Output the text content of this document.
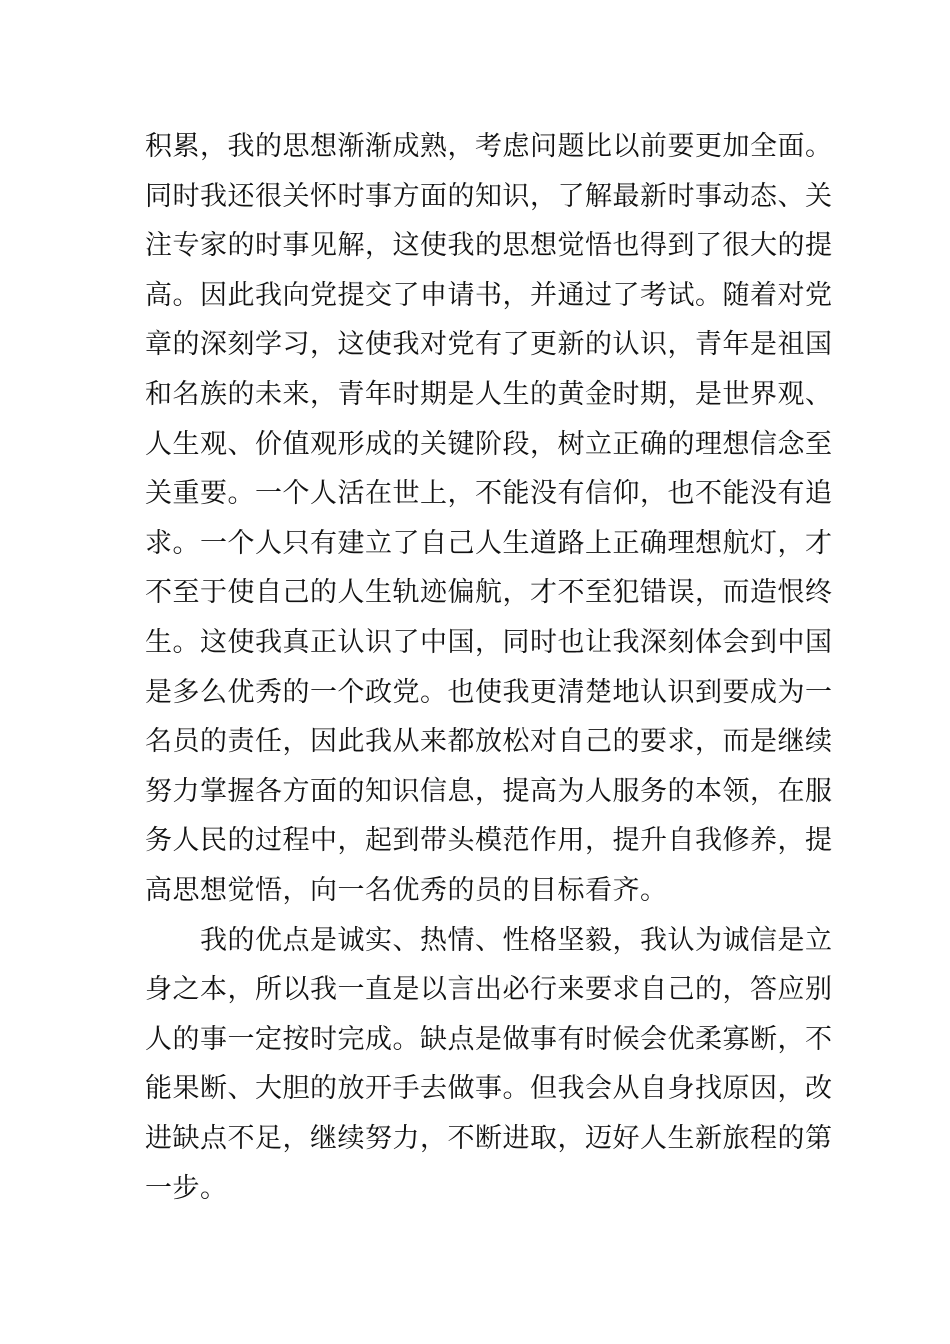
积累，我的思想渐渐成熟，考虑问题比以前要更加全面。
同时我还很关怀时事方面的知识，了解最新时事动态、关
注专家的时事见解，这使我的思想觉悟也得到了很大的提
高。因此我向党提交了申请书，并通过了考试。随着对党
章的深刻学习，这使我对党有了更新的认识，青年是祖国
和名族的未来，青年时期是人生的黄金时期，是世界观、
人生观、价值观形成的关键阶段，树立正确的理想信念至
关重要。一个人活在世上，不能没有信仰，也不能没有追
求。一个人只有建立了自己人生道路上正确理想航灯，才
不至于使自己的人生轨迹偏航，才不至犯错误，而造恨终
生。这使我真正认识了中国，同时也让我深刻体会到中国
是多么优秀的一个政党。也使我更清楚地认识到要成为一
名员的责任，因此我从来都放松对自己的要求，而是继续
努力掌握各方面的知识信息，提高为人服务的本领，在服
务人民的过程中，起到带头模范作用，提升自我修养，提
高思想觉悟，向一名优秀的员的目标看齐。
我的优点是诚实、热情、性格坚毅，我认为诚信是立
身之本，所以我一直是以言出必行来要求自己的，答应别
人的事一定按时完成。缺点是做事有时候会优柔寡断，不
能果断、大胆的放开手去做事。但我会从自身找原因，改
进缺点不足，继续努力，不断进取，迈好人生新旅程的第
一步。
